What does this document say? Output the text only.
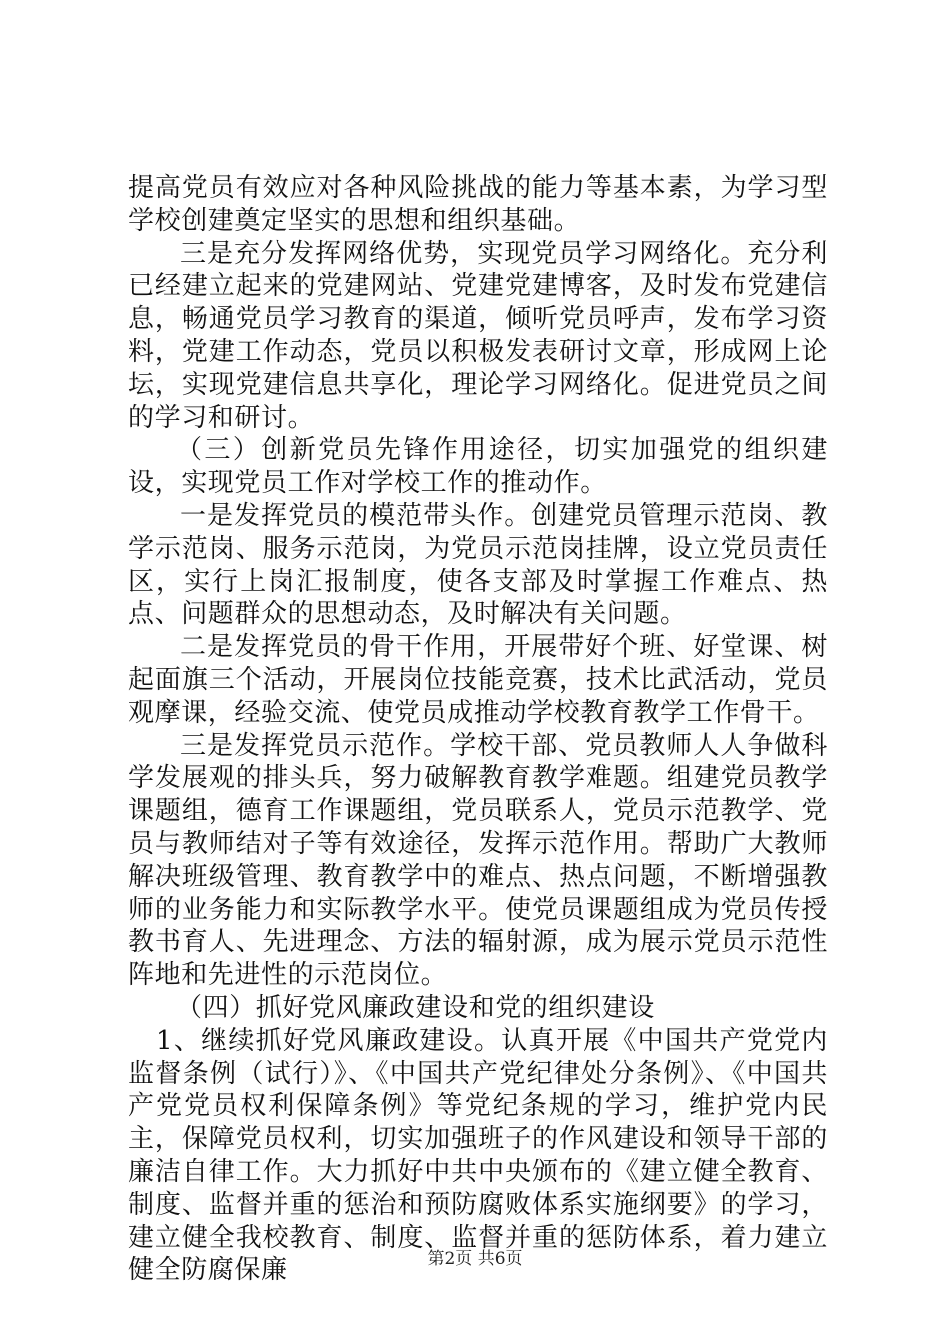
提高党员有效应对各种风险挑战的能力等基本素，为学习型学校创建奠定坚实的思想和组织基础。

三是充分发挥网络优势，实现党员学习网络化。充分利已经建立起来的党建网站、党建党建博客，及时发布党建信息，畅通党员学习教育的渠道，倾听党员呼声，发布学习资料，党建工作动态，党员以积极发表研讨文章，形成网上论坛，实现党建信息共享化，理论学习网络化。促进党员之间的学习和研讨。

（三）创新党员先锋作用途径，切实加强党的组织建设，实现党员工作对学校工作的推动作。

一是发挥党员的模范带头作。创建党员管理示范岗、教学示范岗、服务示范岗，为党员示范岗挂牌，设立党员责任区，实行上岗汇报制度，使各支部及时掌握工作难点、热点、问题群众的思想动态，及时解决有关问题。

二是发挥党员的骨干作用，开展带好个班、好堂课、树起面旗三个活动，开展岗位技能竞赛，技术比武活动，党员观摩课，经验交流、使党员成推动学校教育教学工作骨干。

三是发挥党员示范作。学校干部、党员教师人人争做科学发展观的排头兵，努力破解教育教学难题。组建党员教学课题组，德育工作课题组，党员联系人，党员示范教学、党员与教师结对子等有效途径，发挥示范作用。帮助广大教师解决班级管理、教育教学中的难点、热点问题，不断增强教师的业务能力和实际教学水平。使党员课题组成为党员传授教书育人、先进理念、方法的辐射源，成为展示党员示范性阵地和先进性的示范岗位。

（四）抓好党风廉政建设和党的组织建设

1、继续抓好党风廉政建设。认真开展《中国共产党党内监督条例（试行）》、《中国共产党纪律处分条例》、《中国共产党党员权利保障条例》等党纪条规的学习，维护党内民主，保障党员权利，切实加强班子的作风建设和领导干部的廉洁自律工作。大力抓好中共中央颁布的《建立健全教育、制度、监督并重的惩治和预防腐败体系实施纲要》的学习，建立健全我校教育、制度、监督并重的惩防体系，着力建立健全防腐保廉	第2页 共6页
